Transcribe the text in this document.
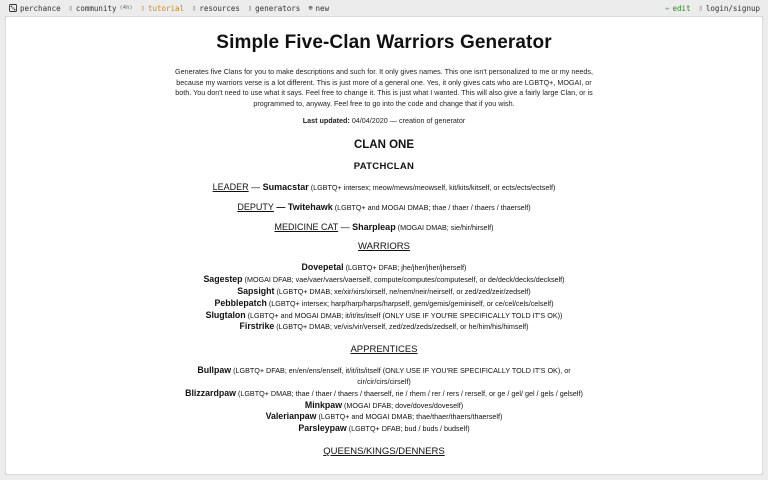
perchance ▯ community (4h) ▯ tutorial ▯ resources ▯ generators ⊕ new	✏ edit ▯ login/signup
Simple Five-Clan Warriors Generator

Generates five Clans for you to make descriptions and such for. It only gives names. This one isn't personalized to me or my needs, because my warriors verse is a lot different. This is just more of a general one. Yes, it only gives cats who are LGBTQ+, MOGAI, or both. You don't need to use what it says. Feel free to change it. This is just what I wanted. This will also give a fairly large Clan, or is programmed to, anyway. Feel free to go into the code and change that if you wish.

Last updated: 04/04/2020 — creation of generator

CLAN ONE
PATCHCLAN
LEADER — Sumacstar (LGBTQ+ intersex; meow/mews/meowself, kit/kits/kitself, or ects/ects/ectself)
DEPUTY — Twitehawk (LGBTQ+ and MOGAI DMAB; thae / thaer / thaers / thaerself)
MEDICINE CAT — Sharpleap (MOGAI DMAB; sie/hir/hirself)
WARRIORS
Dovepetal (LGBTQ+ DFAB; jhe/jher/jher/jherself)
Sagestep (MOGAI DFAB; vae/vaer/vaers/vaerself, compute/computes/computeself, or de/deck/decks/deckself)
Sapsight (LGBTQ+ DMAB; xe/xir/xirs/xirself, ne/nem/neir/neirself, or zed/zed/zeir/zedself)
Pebblepatch (LGBTQ+ intersex; harp/harp/harps/harpself, gem/gemis/geminiself, or ce/cel/cels/celself)
Slugtalon (LGBTQ+ and MOGAI DMAB; it/it/its/itself (ONLY USE IF YOU'RE SPECIFICALLY TOLD IT'S OK))
Firstrike (LGBTQ+ DMAB; ve/vis/vir/verself, zed/zed/zeds/zedself, or he/him/his/himself)
APPRENTICES
Bullpaw (LGBTQ+ DFAB; en/en/ens/enself, it/it/its/itself (ONLY USE IF YOU'RE SPECIFICALLY TOLD IT'S OK), or cir/cir/cirs/cirself)
Blizzardpaw (LGBTQ+ DMAB; thae / thaer / thaers / thaerself, rie / rhem / rer / rers / rerself, or ge / gel/ gel / gels / gelself)
Minkpaw (MOGAI DFAB; dove/doves/doveself)
Valerianpaw (LGBTQ+ and MOGAI DMAB; thae/thaer/thaers/thaerself)
Parsleypaw (LGBTQ+ DFAB; bud / buds / budself)
QUEENS/KINGS/DENNERS
